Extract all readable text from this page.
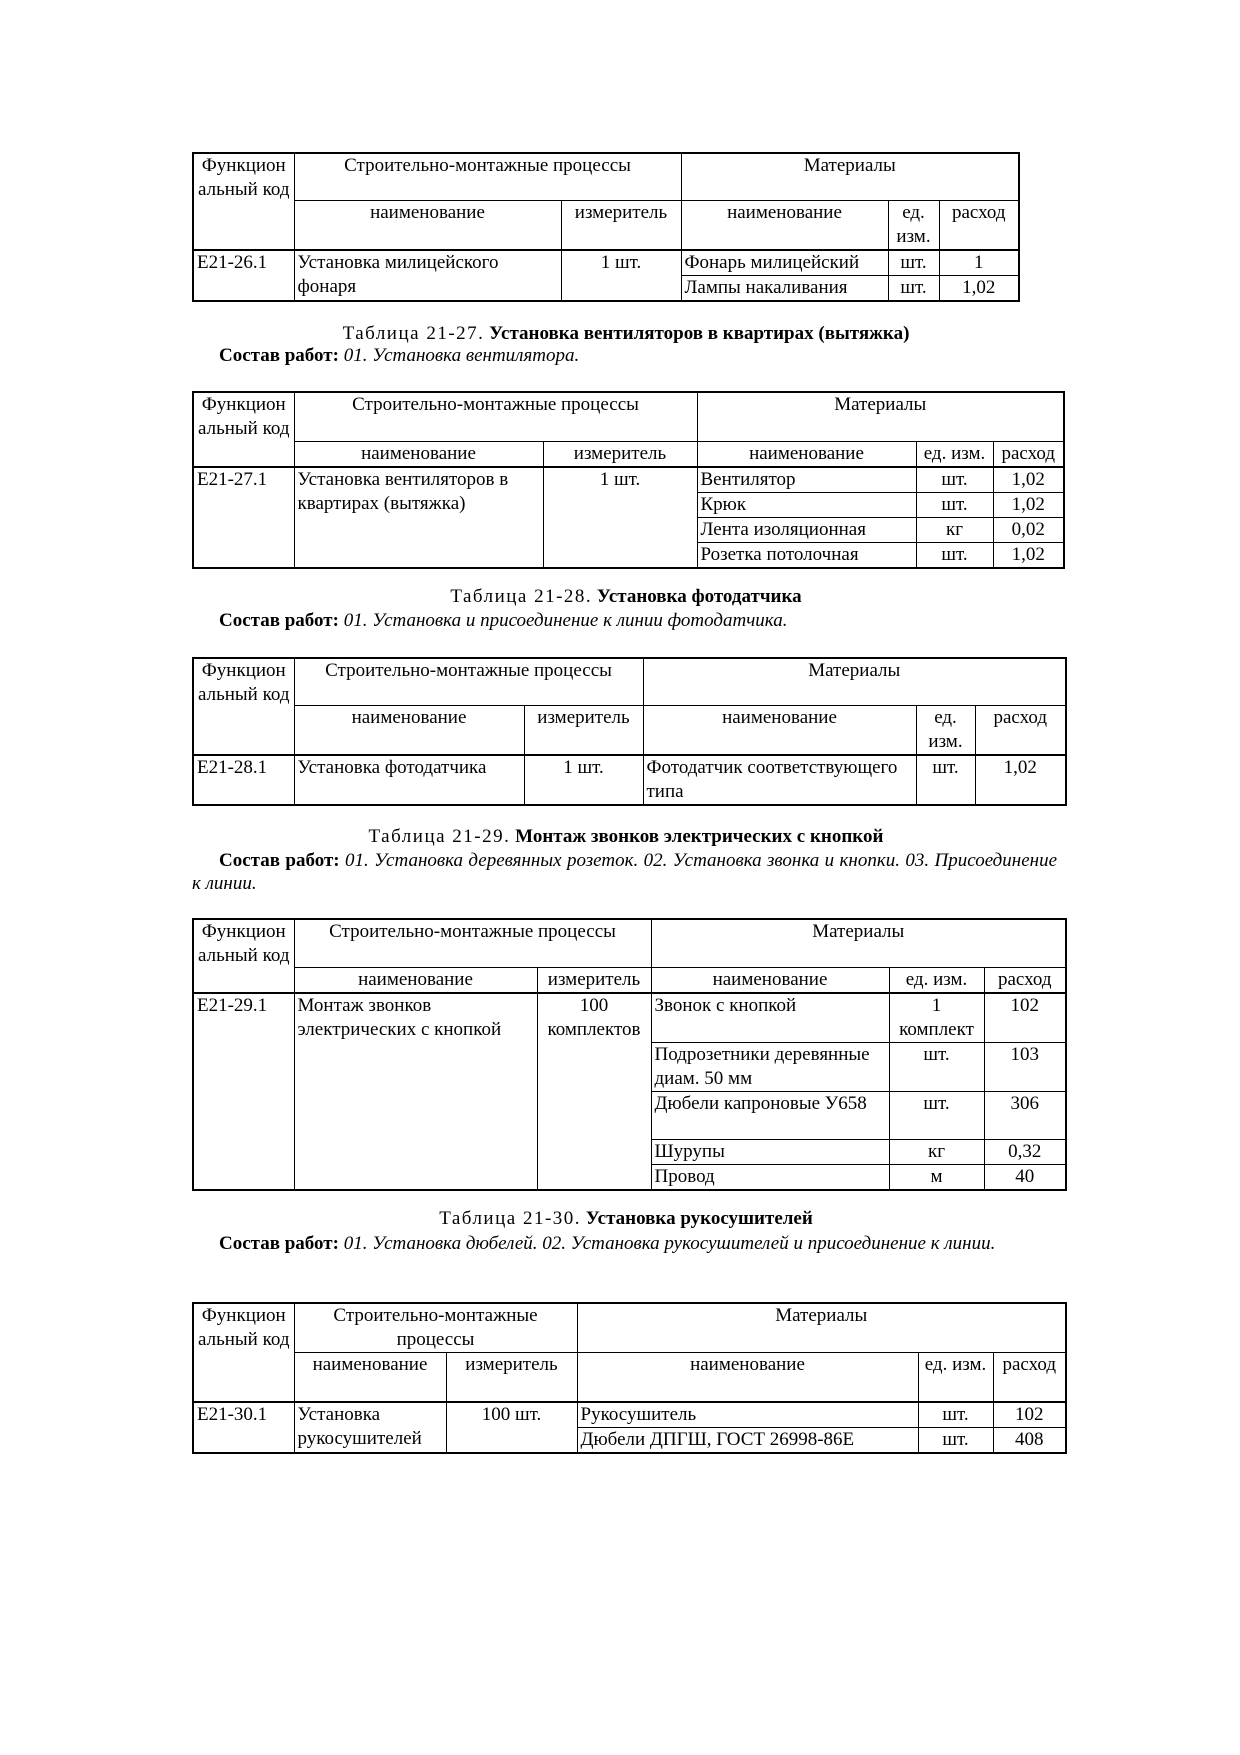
Функцион альный код	Строительно-монтажные процессы		Материалы		
	наименование	измеритель	наименование	ед. изм.	расход
Е21-26.1	Установка милицейского фонаря	1 шт.	Фонарь милицейский	шт.	1
			Лампы накаливания	шт.	1,02
Таблица 21-27. Установка вентиляторов в квартирах (вытяжка)
Состав работ: 01. Установка вентилятора.
Функцион альный код	Строительно-монтажные процессы		Материалы		
	наименование	измеритель	наименование	ед. изм.	расход
Е21-27.1	Установка вентиляторов в квартирах (вытяжка)	1 шт.	Вентилятор	шт.	1,02
			Крюк	шт.	1,02
			Лента изоляционная	кг	0,02
			Розетка потолочная	шт.	1,02
Таблица 21-28. Установка фотодатчика
Состав работ: 01. Установка и присоединение к линии фотодатчика.
Функцион альный код	Строительно-монтажные процессы		Материалы		
	наименование	измеритель	наименование	ед. изм.	расход
Е21-28.1	Установка фотодатчика	1 шт.	Фотодатчик соответствующего типа	шт.	1,02
Таблица 21-29. Монтаж звонков электрических с кнопкой
Состав работ: 01. Установка деревянных розеток. 02. Установка звонка и кнопки. 03. Присоединение к линии.
Функцион альный код	Строительно-монтажные процессы		Материалы		
	наименование	измеритель	наименование	ед. изм.	расход
Е21-29.1	Монтаж звонков электрических с кнопкой	100 комплектов	Звонок с кнопкой	1 комплект	102
			Подрозетники деревянные диам. 50 мм	шт.	103
			Дюбели капроновые У658	шт.	306
			Шурупы	кг	0,32
			Провод	м	40
Таблица 21-30. Установка рукосушителей
Состав работ: 01. Установка дюбелей. 02. Установка рукосушителей и присоединение к линии.
Функцион альный код	Строительно-монтажные процессы		Материалы		
	наименование	измеритель	наименование	ед. изм.	расход
Е21-30.1	Установка рукосушителей	100 шт.	Рукосушитель	шт.	102
			Дюбели ДПГШ, ГОСТ 26998-86Е	шт.	408
